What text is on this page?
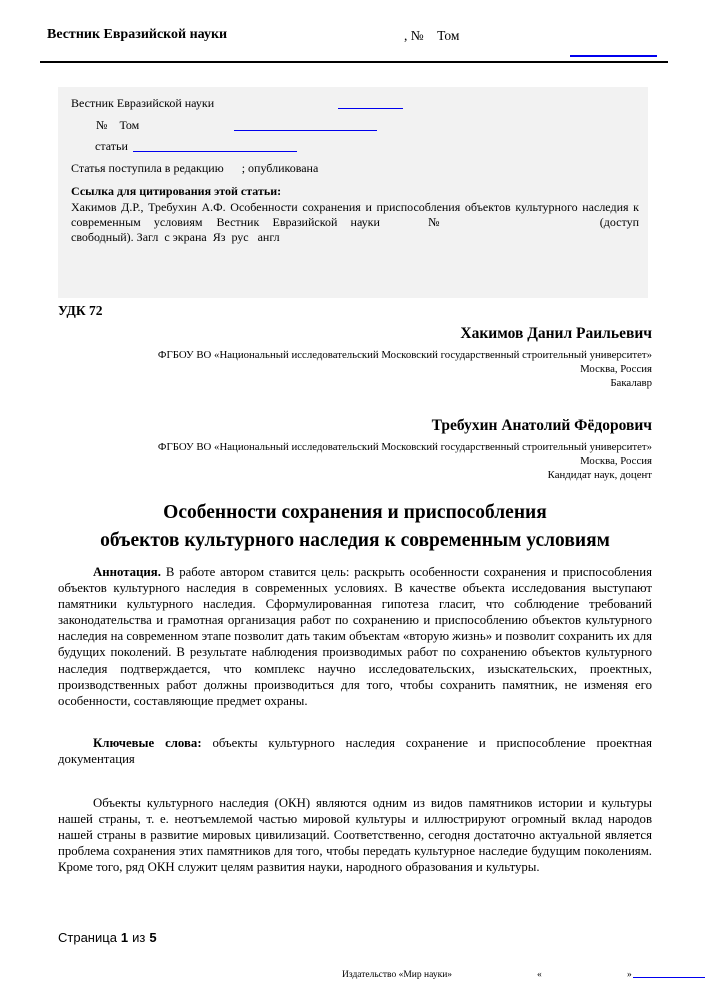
Вестник Евразийской науки	, №    Том
Вестник Евразийской науки
№    Том
статьи
Статья поступила в редакцию ; опубликована
Ссылка для цитирования этой статьи:
Хакимов Д.Р., Требухин А.Ф. Особенности сохранения и приспособления объектов культурного наследия к современным условиям Вестник Евразийской науки	№	(доступ свободный). Загл  с экрана  Яз  рус   англ
УДК 72
Хакимов Данил Раильевич
ФГБОУ ВО «Национальный исследовательский Московский государственный строительный университет»
Москва, Россия
Бакалавр
Требухин Анатолий Фёдорович
ФГБОУ ВО «Национальный исследовательский Московский государственный строительный университет»
Москва, Россия
Кандидат наук, доцент
Особенности сохранения и приспособления
объектов культурного наследия к современным условиям

Аннотация. В работе автором ставится цель: раскрыть особенности сохранения и приспособления объектов культурного наследия в современных условиях. В качестве объекта исследования выступают памятники культурного наследия. Сформулированная гипотеза гласит, что соблюдение требований законодательства и грамотная организация работ по сохранению и приспособлению объектов культурного наследия на современном этапе позволит дать таким объектам «вторую жизнь» и позволит сохранить их для будущих поколений. В результате наблюдения производимых работ по сохранению объектов культурного наследия подтверждается, что комплекс научно исследовательских, изыскательских, проектных, производственных работ должны производиться для того, чтобы сохранить памятник, не изменяя его особенности, составляющие предмет охраны.

Ключевые слова: объекты культурного наследия сохранение и приспособление проектная документация

Объекты культурного наследия (ОКН) являются одним из видов памятников истории и культуры нашей страны, т. е. неотъемлемой частью мировой культуры и иллюстрируют огромный вклад народов нашей страны в развитие мировых цивилизаций. Соответственно, сегодня достаточно актуальной является проблема сохранения этих памятников для того, чтобы передать культурное наследие будущим поколениям. Кроме того, ряд ОКН служит целям развития науки, народного образования и культуры.

Страница 1 из 5
Издательство «Мир науки»	«	»
